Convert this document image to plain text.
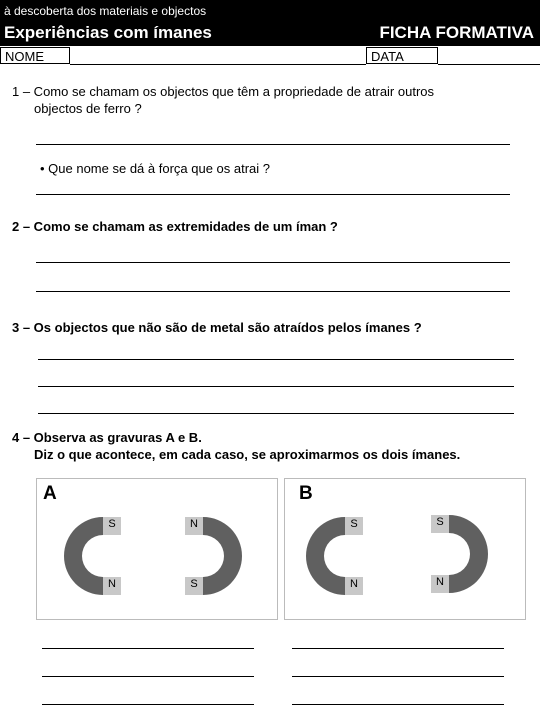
à descoberta dos materiais e objectos
Experiências com ímanes	FICHA FORMATIVA
NOME	DATA
1 – Como se chamam os objectos que têm a propriedade de atrair outros
objectos de ferro ?
• Que nome se dá à força que os atrai ?
2 – Como se chamam as extremidades de um íman ?
3 – Os objectos que não são de metal são atraídos pelos ímanes ?
4 – Observa as gravuras A e B.
Diz o que acontece, em cada caso, se aproximarmos os dois ímanes.
A
S
N
N
S
B
S
N
S
N
